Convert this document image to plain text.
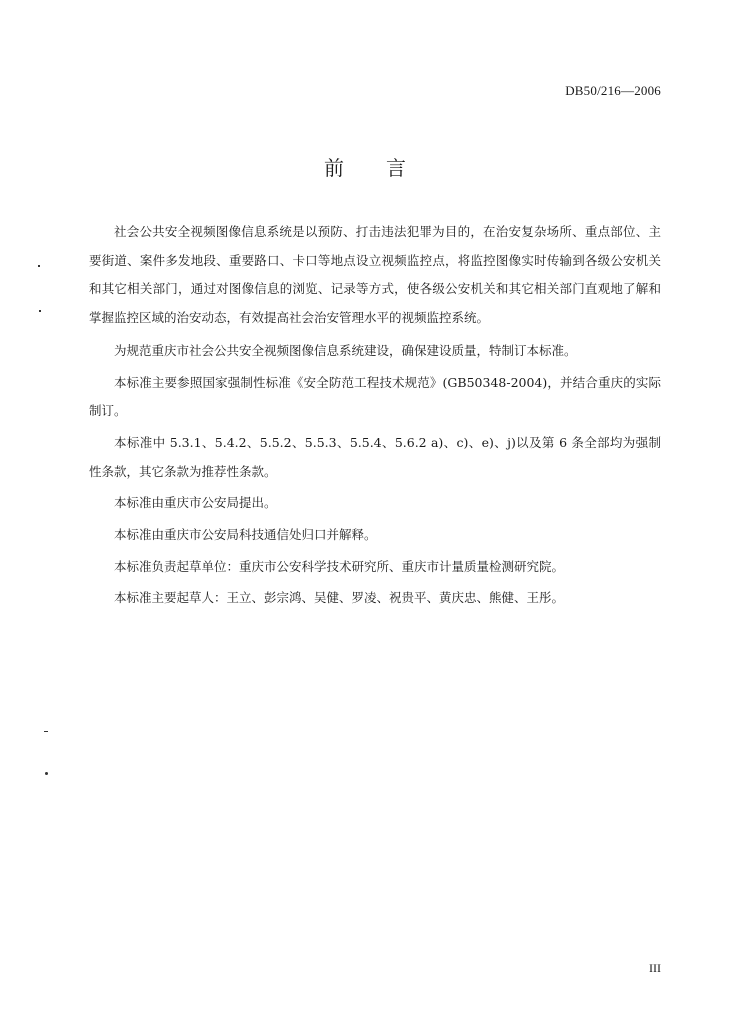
DB50/216—2006
前 言

社会公共安全视频图像信息系统是以预防、打击违法犯罪为目的，在治安复杂场所、重点部位、主要街道、案件多发地段、重要路口、卡口等地点设立视频监控点，将监控图像实时传输到各级公安机关和其它相关部门，通过对图像信息的浏览、记录等方式，使各级公安机关和其它相关部门直观地了解和掌握监控区域的治安动态，有效提高社会治安管理水平的视频监控系统。

为规范重庆市社会公共安全视频图像信息系统建设，确保建设质量，特制订本标准。

本标准主要参照国家强制性标准《安全防范工程技术规范》(GB50348-2004)，并结合重庆的实际制订。

本标准中 5.3.1、5.4.2、5.5.2、5.5.3、5.5.4、5.6.2 a)、c)、e)、j)以及第 6 条全部均为强制性条款，其它条款为推荐性条款。

本标准由重庆市公安局提出。

本标准由重庆市公安局科技通信处归口并解释。

本标准负责起草单位：重庆市公安科学技术研究所、重庆市计量质量检测研究院。

本标准主要起草人：王立、彭宗鸿、吴健、罗凌、祝贵平、黄庆忠、熊健、王彤。

III
